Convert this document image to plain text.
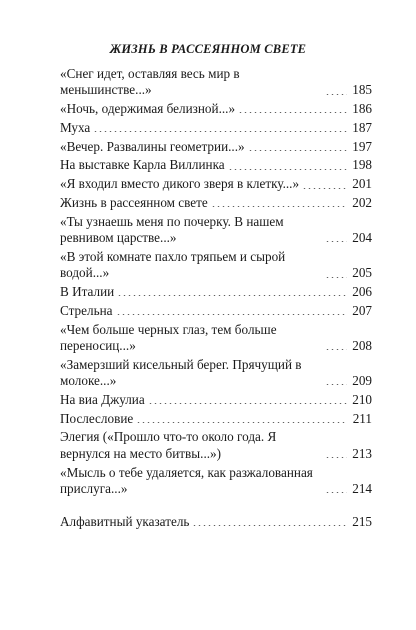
ЖИЗНЬ В РАССЕЯННОМ СВЕТЕ
«Снег идет, оставляя весь мир в меньшинстве...»	185
«Ночь, одержимая белизной...»	186
Муха	187
«Вечер. Развалины геометрии...»	197
На выставке Карла Виллинка	198
«Я входил вместо дикого зверя в клетку...»	201
Жизнь в рассеянном свете	202
«Ты узнаешь меня по почерку. В нашем ревнивом царстве...»	204
«В этой комнате пахло тряпьем и сырой водой...»	205
В Италии	206
Стрельна	207
«Чем больше черных глаз, тем больше переносиц...»	208
«Замерзший кисельный берег. Прячущий в молоке...»	209
На виа Джулиа	210
Послесловие	211
Элегия («Прошло что-то около года. Я вернулся на место битвы...»)	213
«Мысль о тебе удаляется, как разжалованная прислуга...»	214
Алфавитный указатель	215
